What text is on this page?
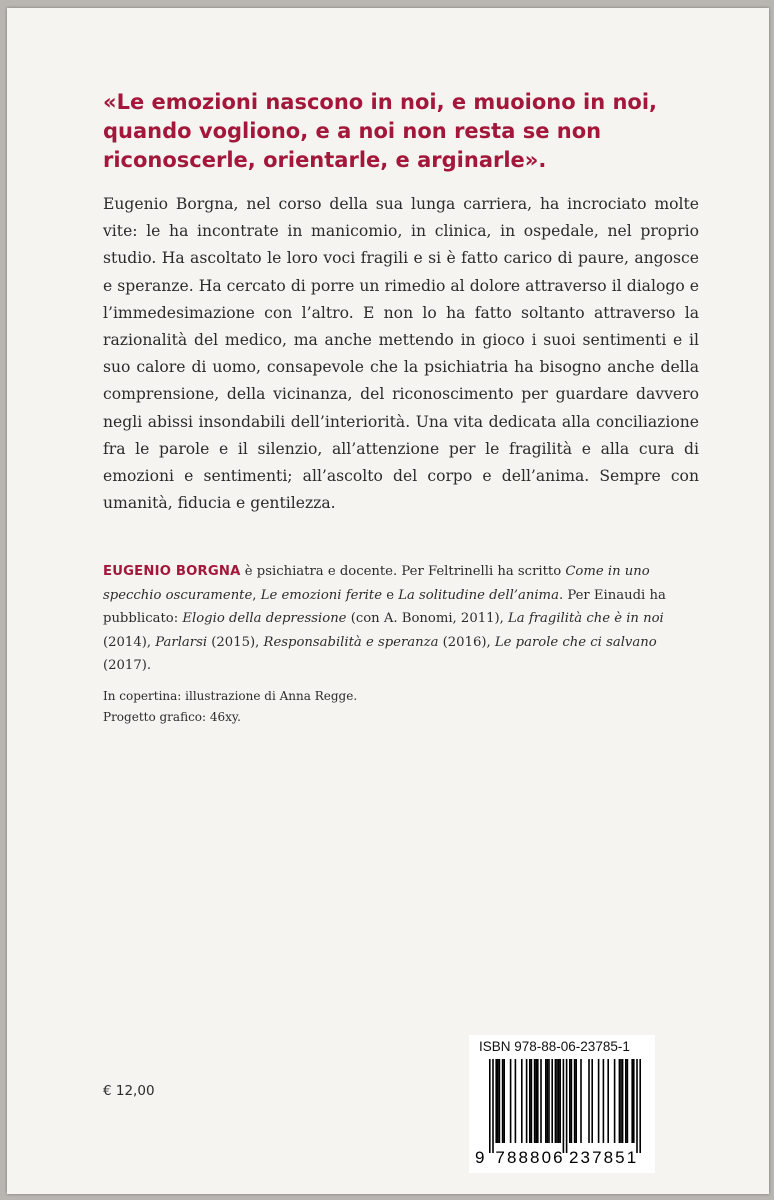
«Le emozioni nascono in noi, e muoiono in noi, quando vogliono, e a noi non resta se non riconoscerle, orientarle, e arginarle».

Eugenio Borgna, nel corso della sua lunga carriera, ha incrociato molte vite: le ha incontrate in manicomio, in clinica, in ospedale, nel proprio studio. Ha ascoltato le loro voci fragili e si è fatto carico di paure, angosce e speranze. Ha cercato di porre un rimedio al dolore attraverso il dialogo e l’immedesimazione con l’altro. E non lo ha fatto soltanto attraverso la razionalità del medico, ma anche mettendo in gioco i suoi sentimenti e il suo calore di uomo, consapevole che la psichiatria ha bisogno anche della comprensione, della vicinanza, del riconoscimento per guardare davvero negli abissi insondabili dell’interiorità. Una vita dedicata alla conciliazione fra le parole e il silenzio, all’attenzione per le fragilità e alla cura di emozioni e sentimenti; all’ascolto del corpo e dell’anima. Sempre con umanità, fiducia e gentilezza.

EUGENIO BORGNA è psichiatra e docente. Per Feltrinelli ha scritto Come in uno specchio oscuramente, Le emozioni ferite e La solitudine dell’anima. Per Einaudi ha pubblicato: Elogio della depressione (con A. Bonomi, 2011), La fragilità che è in noi (2014), Parlarsi (2015), Responsabilità e speranza (2016), Le parole che ci salvano (2017).

In copertina: illustrazione di Anna Regge.
Progetto grafico: 46xy.
€ 12,00
ISBN 978-88-06-23785-1
9 788806 237851
